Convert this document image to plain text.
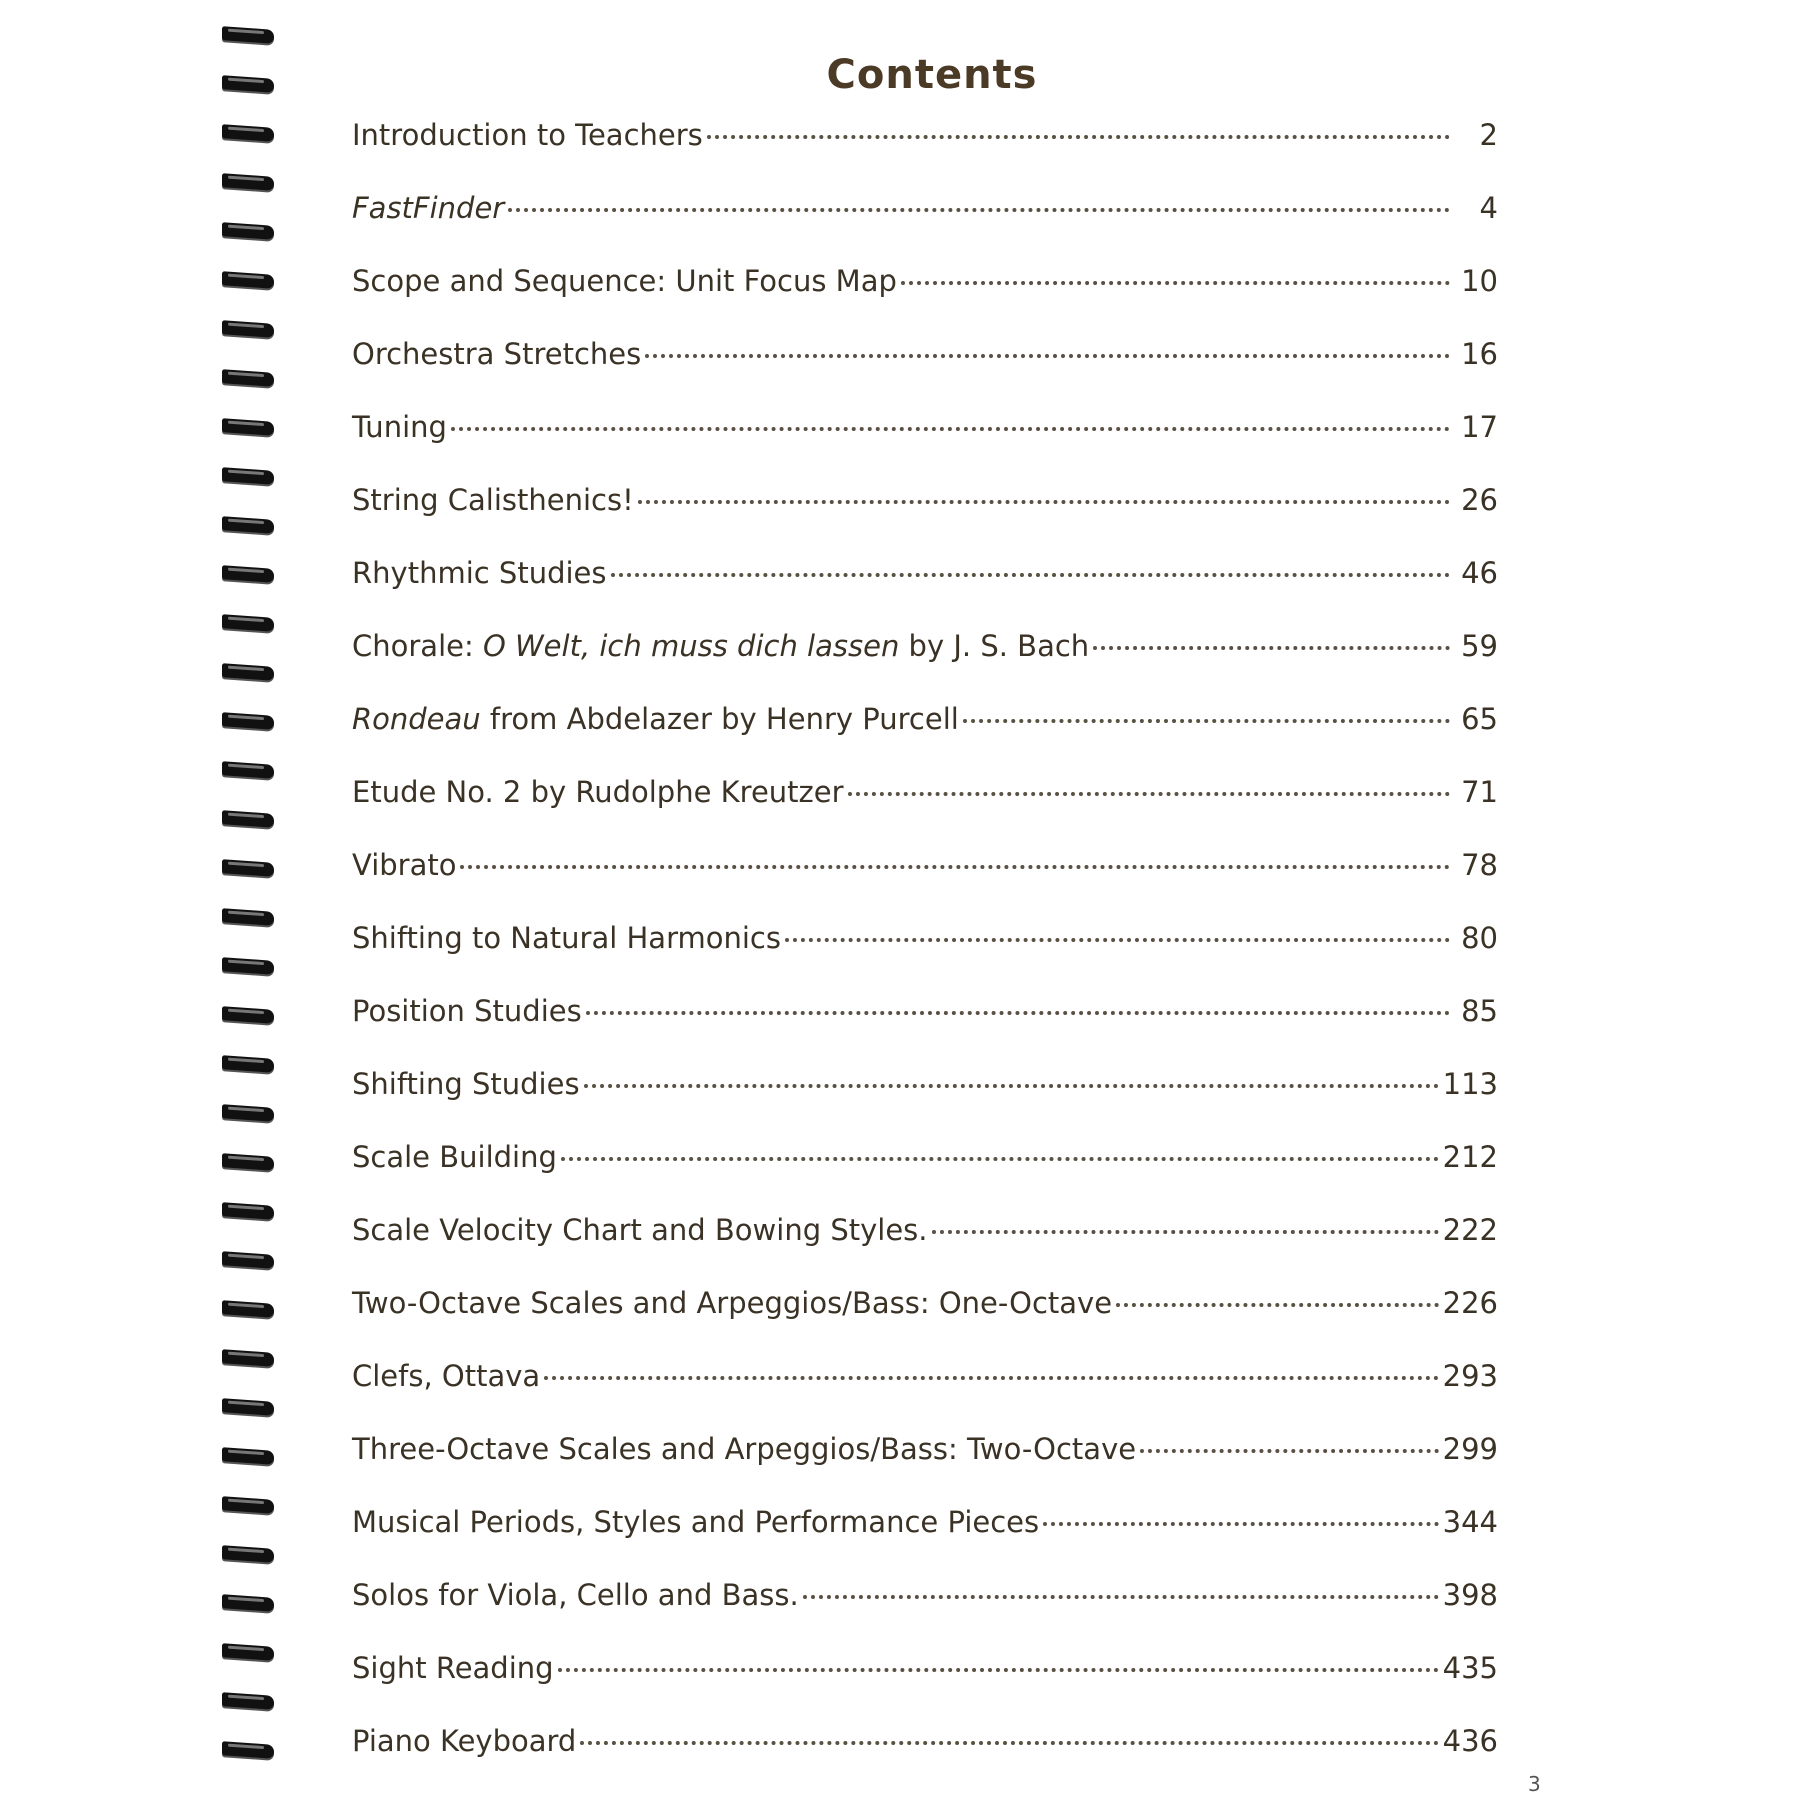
Contents
Introduction to Teachers	2
FastFinder	4
Scope and Sequence: Unit Focus Map	10
Orchestra Stretches	16
Tuning	17
String Calisthenics!	26
Rhythmic Studies	46
Chorale: O Welt, ich muss dich lassen by J. S. Bach	59
Rondeau from Abdelazer by Henry Purcell	65
Etude No. 2 by Rudolphe Kreutzer	71
Vibrato	78
Shifting to Natural Harmonics	80
Position Studies	85
Shifting Studies	113
Scale Building	212
Scale Velocity Chart and Bowing Styles.	222
Two-Octave Scales and Arpeggios/Bass: One-Octave	226
Clefs, Ottava	293
Three-Octave Scales and Arpeggios/Bass: Two-Octave	299
Musical Periods, Styles and Performance Pieces	344
Solos for Viola, Cello and Bass.	398
Sight Reading	435
Piano Keyboard	436
3
